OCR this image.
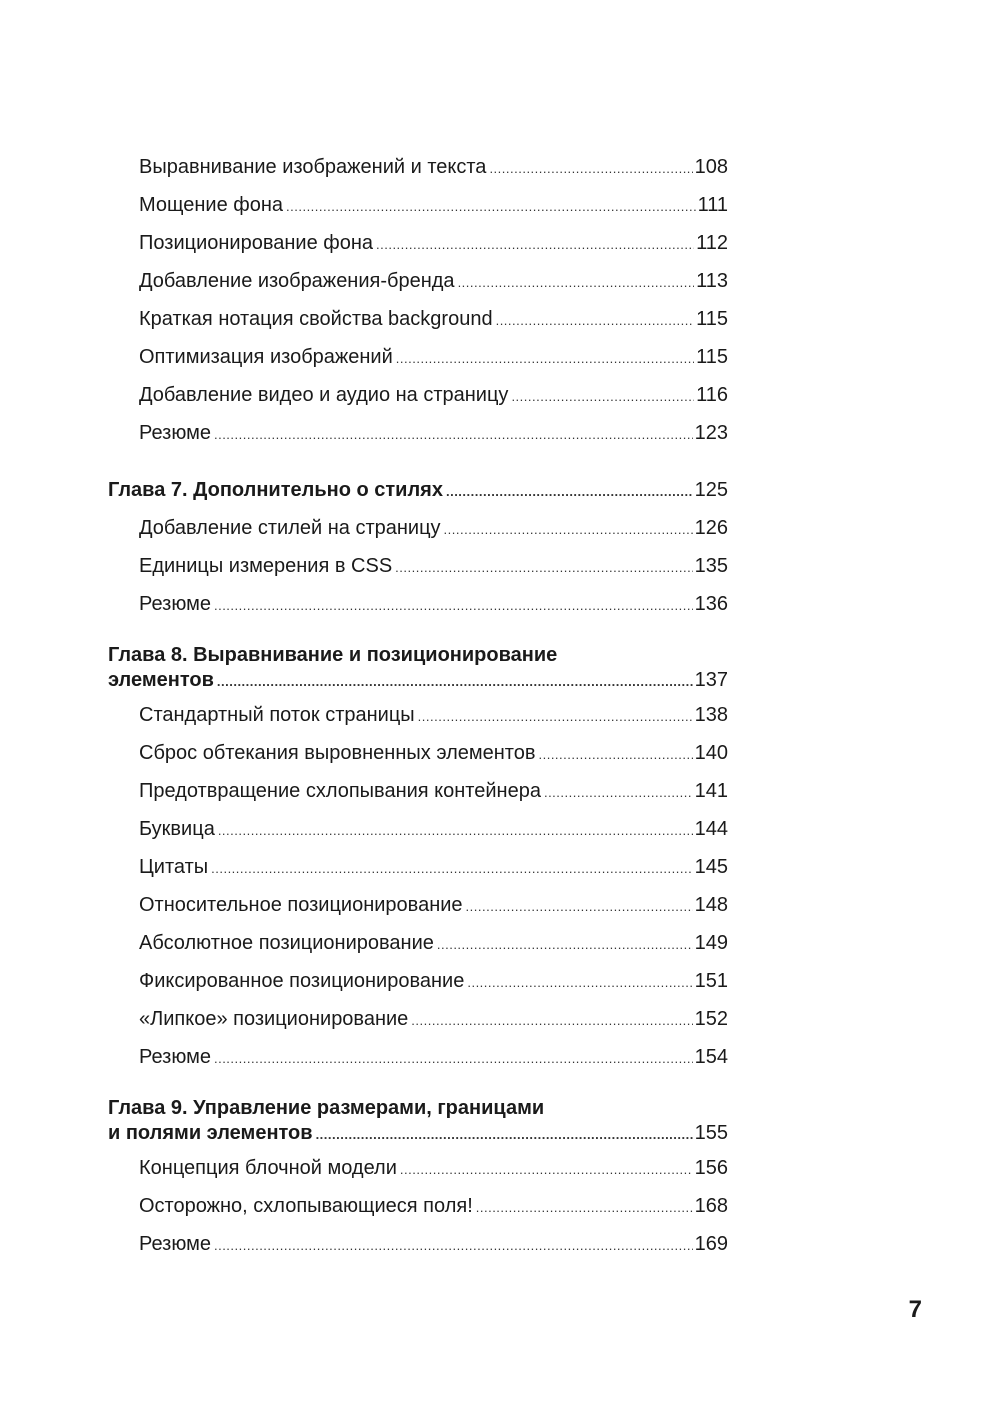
Выравнивание изображений и текста .....	108
Мощение фона .....	111
Позиционирование фона .....	112
Добавление изображения-бренда .....	113
Краткая нотация свойства background .....	115
Оптимизация изображений .....	115
Добавление видео и аудио на страницу .....	116
Резюме .....	123
Глава 7. Дополнительно о стилях .....	125
Добавление стилей на страницу .....	126
Единицы измерения в CSS .....	135
Резюме .....	136
Глава 8. Выравнивание и позиционирование
элементов .....	137
Стандартный поток страницы .....	138
Сброс обтекания выровненных элементов .....	140
Предотвращение схлопывания контейнера .....	141
Буквица .....	144
Цитаты .....	145
Относительное позиционирование .....	148
Абсолютное позиционирование .....	149
Фиксированное позиционирование .....	151
«Липкое» позиционирование .....	152
Резюме .....	154
Глава 9. Управление размерами, границами
и полями элементов .....	155
Концепция блочной модели .....	156
Осторожно, схлопывающиеся поля! .....	168
Резюме .....	169
7
